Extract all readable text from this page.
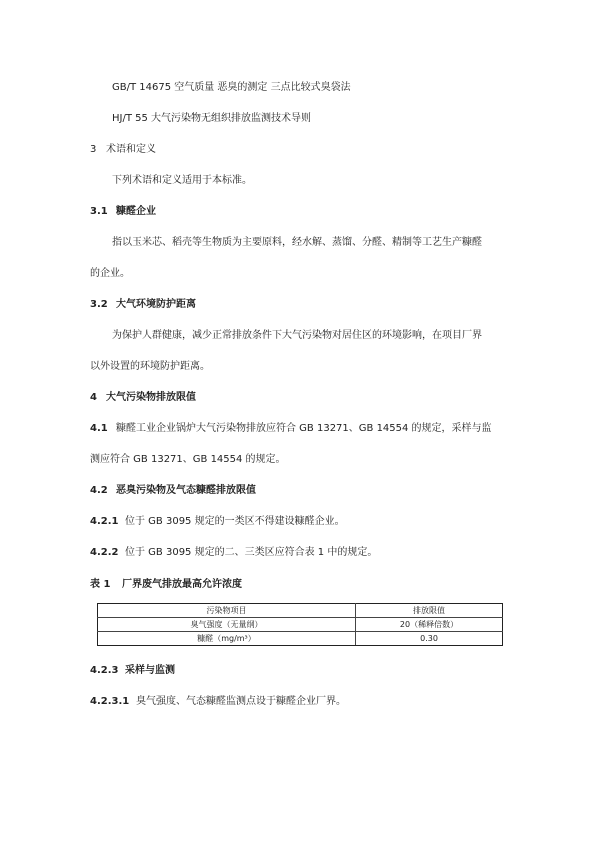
GB/T 14675 空气质量 恶臭的测定 三点比较式臭袋法
HJ/T 55 大气污染物无组织排放监测技术导则
3 术语和定义
下列术语和定义适用于本标准。
3.1 糠醛企业
指以玉米芯、稻壳等生物质为主要原料，经水解、蒸馏、分醛、精制等工艺生产糠醛
的企业。
3.2 大气环境防护距离
为保护人群健康，减少正常排放条件下大气污染物对居住区的环境影响，在项目厂界
以外设置的环境防护距离。
4 大气污染物排放限值
4.1 糠醛工业企业锅炉大气污染物排放应符合 GB 13271、GB 14554 的规定，采样与监
测应符合 GB 13271、GB 14554 的规定。
4.2 恶臭污染物及气态糠醛排放限值
4.2.1 位于 GB 3095 规定的一类区不得建设糠醛企业。
4.2.2 位于 GB 3095 规定的二、三类区应符合表 1 中的规定。
表 1 厂界废气排放最高允许浓度
污染物项目	排放限值
臭气强度（无量纲）	20（稀释倍数）
糠醛（mg/m³）	0.30
4.2.3 采样与监测
4.2.3.1 臭气强度、气态糠醛监测点设于糠醛企业厂界。
